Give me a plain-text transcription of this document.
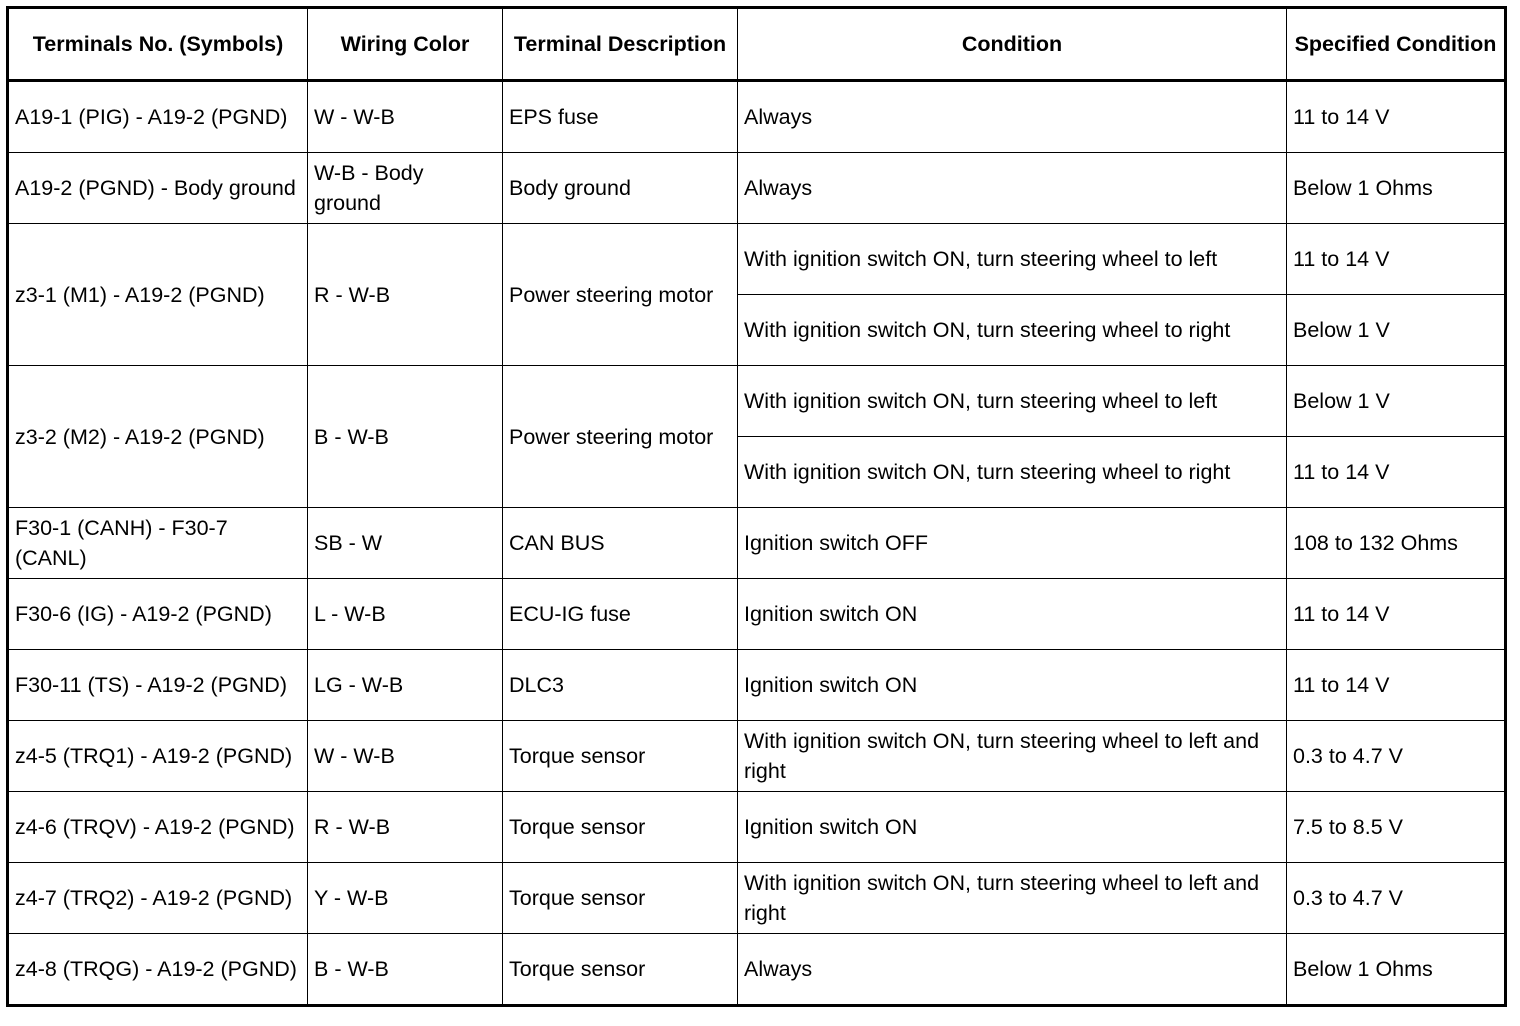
Terminals No. (Symbols)	Wiring Color	Terminal Description	Condition	Specified Condition
A19-1 (PIG) - A19-2 (PGND)	W - W-B	EPS fuse	Always	11 to 14 V
A19-2 (PGND) - Body ground	W-B - Body ground	Body ground	Always	Below 1 Ohms
z3-1 (M1) - A19-2 (PGND)	R - W-B	Power steering motor	With ignition switch ON, turn steering wheel to left	11 to 14 V
			With ignition switch ON, turn steering wheel to right	Below 1 V
z3-2 (M2) - A19-2 (PGND)	B - W-B	Power steering motor	With ignition switch ON, turn steering wheel to left	Below 1 V
			With ignition switch ON, turn steering wheel to right	11 to 14 V
F30-1 (CANH) - F30-7 (CANL)	SB - W	CAN BUS	Ignition switch OFF	108 to 132 Ohms
F30-6 (IG) - A19-2 (PGND)	L - W-B	ECU-IG fuse	Ignition switch ON	11 to 14 V
F30-11 (TS) - A19-2 (PGND)	LG - W-B	DLC3	Ignition switch ON	11 to 14 V
z4-5 (TRQ1) - A19-2 (PGND)	W - W-B	Torque sensor	With ignition switch ON, turn steering wheel to left and right	0.3 to 4.7 V
z4-6 (TRQV) - A19-2 (PGND)	R - W-B	Torque sensor	Ignition switch ON	7.5 to 8.5 V
z4-7 (TRQ2) - A19-2 (PGND)	Y - W-B	Torque sensor	With ignition switch ON, turn steering wheel to left and right	0.3 to 4.7 V
z4-8 (TRQG) - A19-2 (PGND)	B - W-B	Torque sensor	Always	Below 1 Ohms
